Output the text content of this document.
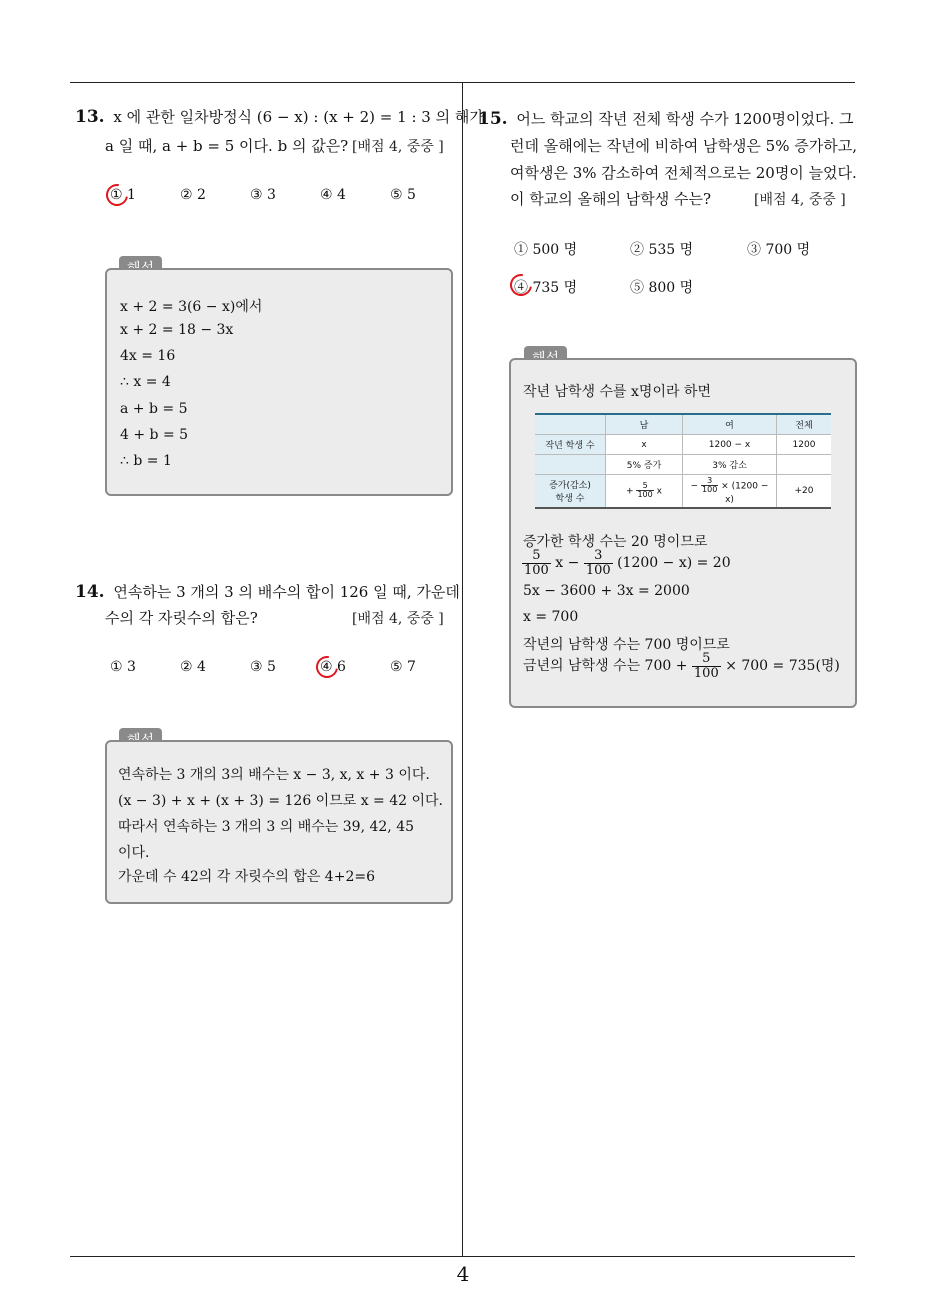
13. x 에 관한 일차방정식 (6 − x) : (x + 2) = 1 : 3 의 해가
a 일 때, a + b = 5 이다. b 의 값은? [배점 4, 중중 ]
① 1	② 2	③ 3	④ 4	⑤ 5
x + 2 = 3(6 − x)에서
x + 2 = 18 − 3x
4x = 16
∴ x = 4
a + b = 5
4 + b = 5
∴ b = 1
14. 연속하는 3 개의 3 의 배수의 합이 126 일 때, 가운데
수의 각 자릿수의 합은?	[배점 4, 중중 ]
① 3	② 4	③ 5	④ 6	⑤ 7
연속하는 3 개의 3의 배수는 x − 3, x, x + 3 이다.
(x − 3) + x + (x + 3) = 126 이므로 x = 42 이다.
따라서 연속하는 3 개의 3 의 배수는 39, 42, 45
이다.
가운데 수 42의 각 자릿수의 합은 4+2=6
15. 어느 학교의 작년 전체 학생 수가 1200명이었다. 그
런데 올해에는 작년에 비하여 남학생은 5% 증가하고,
여학생은 3% 감소하여 전체적으로는 20명이 늘었다.
이 학교의 올해의 남학생 수는?	[배점 4, 중중 ]
① 500 명	② 535 명	③ 700 명
④ 735 명	⑤ 800 명
작년 남학생 수를 x명이라 하면
	남	여	전체
작년 학생 수	x	1200 − x	1200
	5% 증가	3% 감소	
증가(감소)
학생 수	+ $\frac{5}{100}$ x	− $\frac{3}{100} \times (1200 - x)$	+20
증가한 학생 수는 20 명이므로
$\frac{5}{100}$ $x - \frac{3}{100} (1200 - x) = 20$
5x − 3600 + 3x = 2000
x = 700
작년의 남학생 수는 700 명이므로
금년의 남학생 수는 $700 + \frac{5}{100} \times 700 = 735$(명)
4
